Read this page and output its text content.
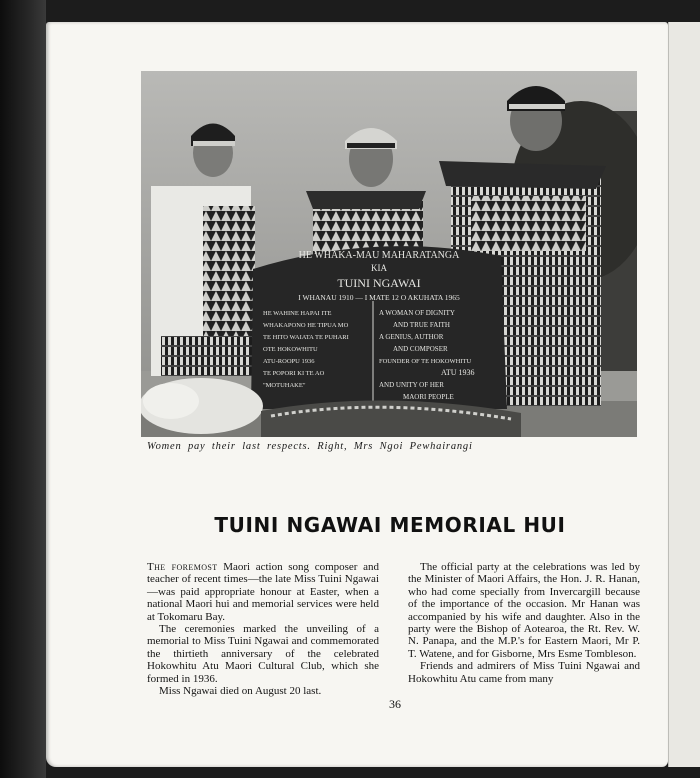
HE WHAKA-MAU MAHARATANGA
KIA
TUINI NGAWAI
I WHANAU 1910 — I MATE 12 O AKUHATA 1965
HE WAHINE HAPAI ITE
WHAKAPONO HE TIPUA MO
TE HITO WAIATA TE PUHARI
OTE HOKOWHITU
ATU-ROOPU 1936
TE POPORI KI TE AO
"MOTUHAKE"
A WOMAN OF DIGNITY
AND TRUE FAITH
A GENIUS, AUTHOR
AND COMPOSER
FOUNDER OF TE HOKOWHITU
ATU 1936
AND UNITY OF HER
MAORI PEOPLE
Women pay their last respects. Right, Mrs Ngoi Pewhairangi
TUINI NGAWAI MEMORIAL HUI

The foremost Maori action song composer and teacher of recent times—the late Miss Tuini Ngawai—was paid appropriate honour at Easter, when a national Maori hui and memorial services were held at Tokomaru Bay.

The ceremonies marked the unveiling of a memorial to Miss Tuini Ngawai and commemorated the thirtieth anniversary of the celebrated Hokowhitu Atu Maori Cultural Club, which she formed in 1936.

Miss Ngawai died on August 20 last.

The official party at the celebrations was led by the Minister of Maori Affairs, the Hon. J. R. Hanan, who had come specially from Invercargill because of the importance of the occasion. Mr Hanan was accompanied by his wife and daughter. Also in the party were the Bishop of Aotearoa, the Rt. Rev. W. N. Panapa, and the M.P.'s for Eastern Maori, Mr P. T. Watene, and for Gisborne, Mrs Esme Tombleson.

Friends and admirers of Miss Tuini Ngawai and Hokowhitu Atu came from many

36
